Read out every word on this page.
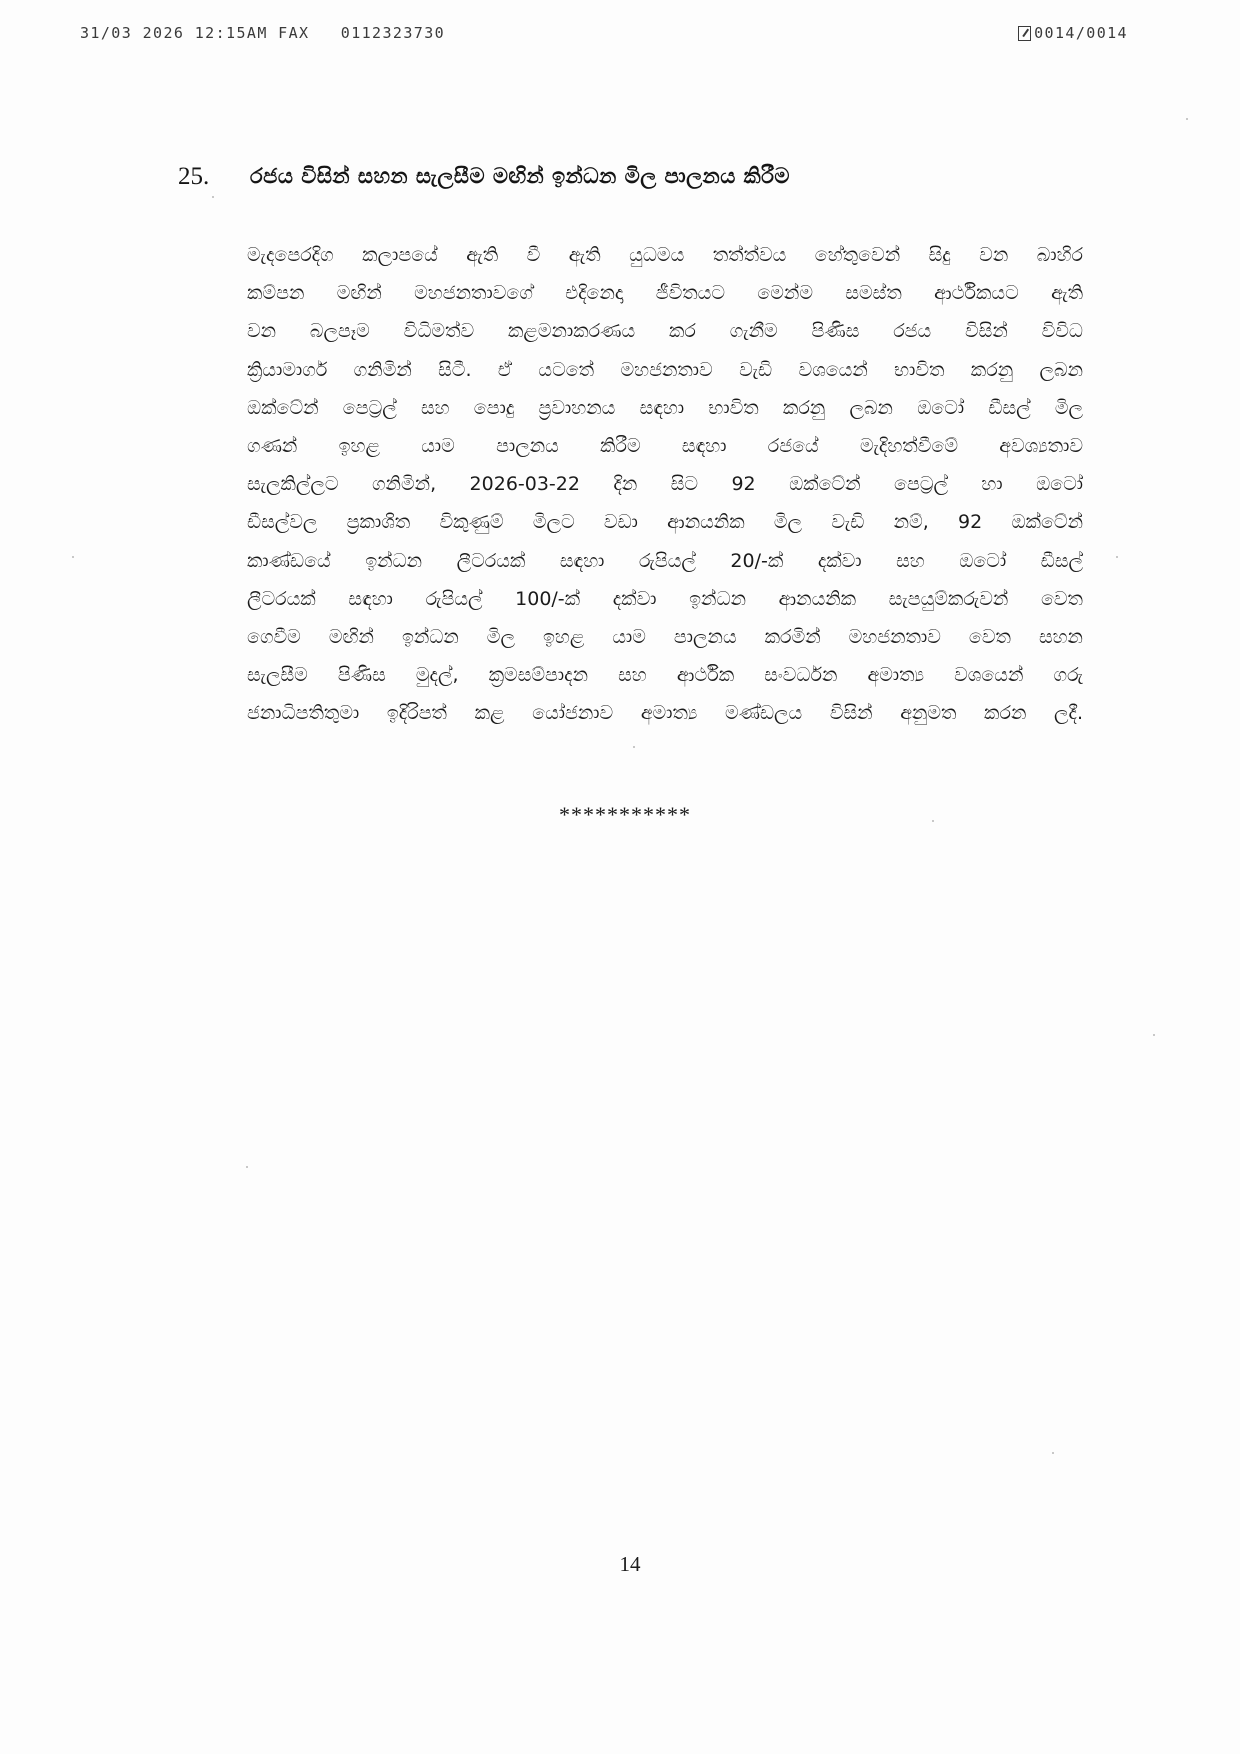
31/03 2026 12:15AM FAX   0112323730	0014/0014
25. රජය විසින් සහන සැලසීම මඟින් ඉන්ධන මිල පාලනය කිරීම
මැදපෙරදිග කලාපයේ ඇති වී ඇති යුධමය තත්ත්වය හේතුවෙන් සිදු වන බාහිර
කම්පන මඟින් මහජනතාවගේ එදිනෙදා ජීවිතයට මෙන්ම සමස්ත ආර්ථිකයට ඇති
වන බලපෑම විධිමත්ව කළමනාකරණය කර ගැනීම පිණිස රජය විසින් විවිධ
ක්‍රියාමාර්ග ගනිමින් සිටී. ඒ යටතේ මහජනතාව වැඩි වශයෙන් භාවිත කරනු ලබන
ඔක්ටේන් පෙට්‍රල් සහ පොදු ප්‍රවාහනය සඳහා භාවිත කරනු ලබන ඔටෝ ඩීසල් මිල
ගණන් ඉහළ යාම පාලනය කිරීම සඳහා රජයේ මැදිහත්වීමේ අවශ්‍යතාව
සැලකිල්ලට ගනිමින්, 2026-03-22 දින සිට 92 ඔක්ටේන් පෙට්‍රල් හා ඔටෝ
ඩීසල්වල ප්‍රකාශිත විකුණුම් මිලට වඩා ආනයනික මිල වැඩි නම්, 92 ඔක්ටේන්
කාණ්ඩයේ ඉන්ධන ලීටරයක් සඳහා රුපියල් 20/-ක් දක්වා සහ ඔටෝ ඩීසල්
ලීටරයක් සඳහා රුපියල් 100/-ක් දක්වා ඉන්ධන ආනයනික සැපයුම්කරුවන් වෙත
ගෙවීම මඟින් ඉන්ධන මිල ඉහළ යාම පාලනය කරමින් මහජනතාව වෙත සහන
සැලසීම පිණිස මුදල්, ක්‍රමසම්පාදන සහ ආර්ථික සංවර්ධන අමාත්‍ය වශයෙන් ගරු
ජනාධිපතිතුමා ඉදිරිපත් කළ යෝජනාව අමාත්‍ය මණ්ඩලය විසින් අනුමත කරන ලදී.
***********
14
